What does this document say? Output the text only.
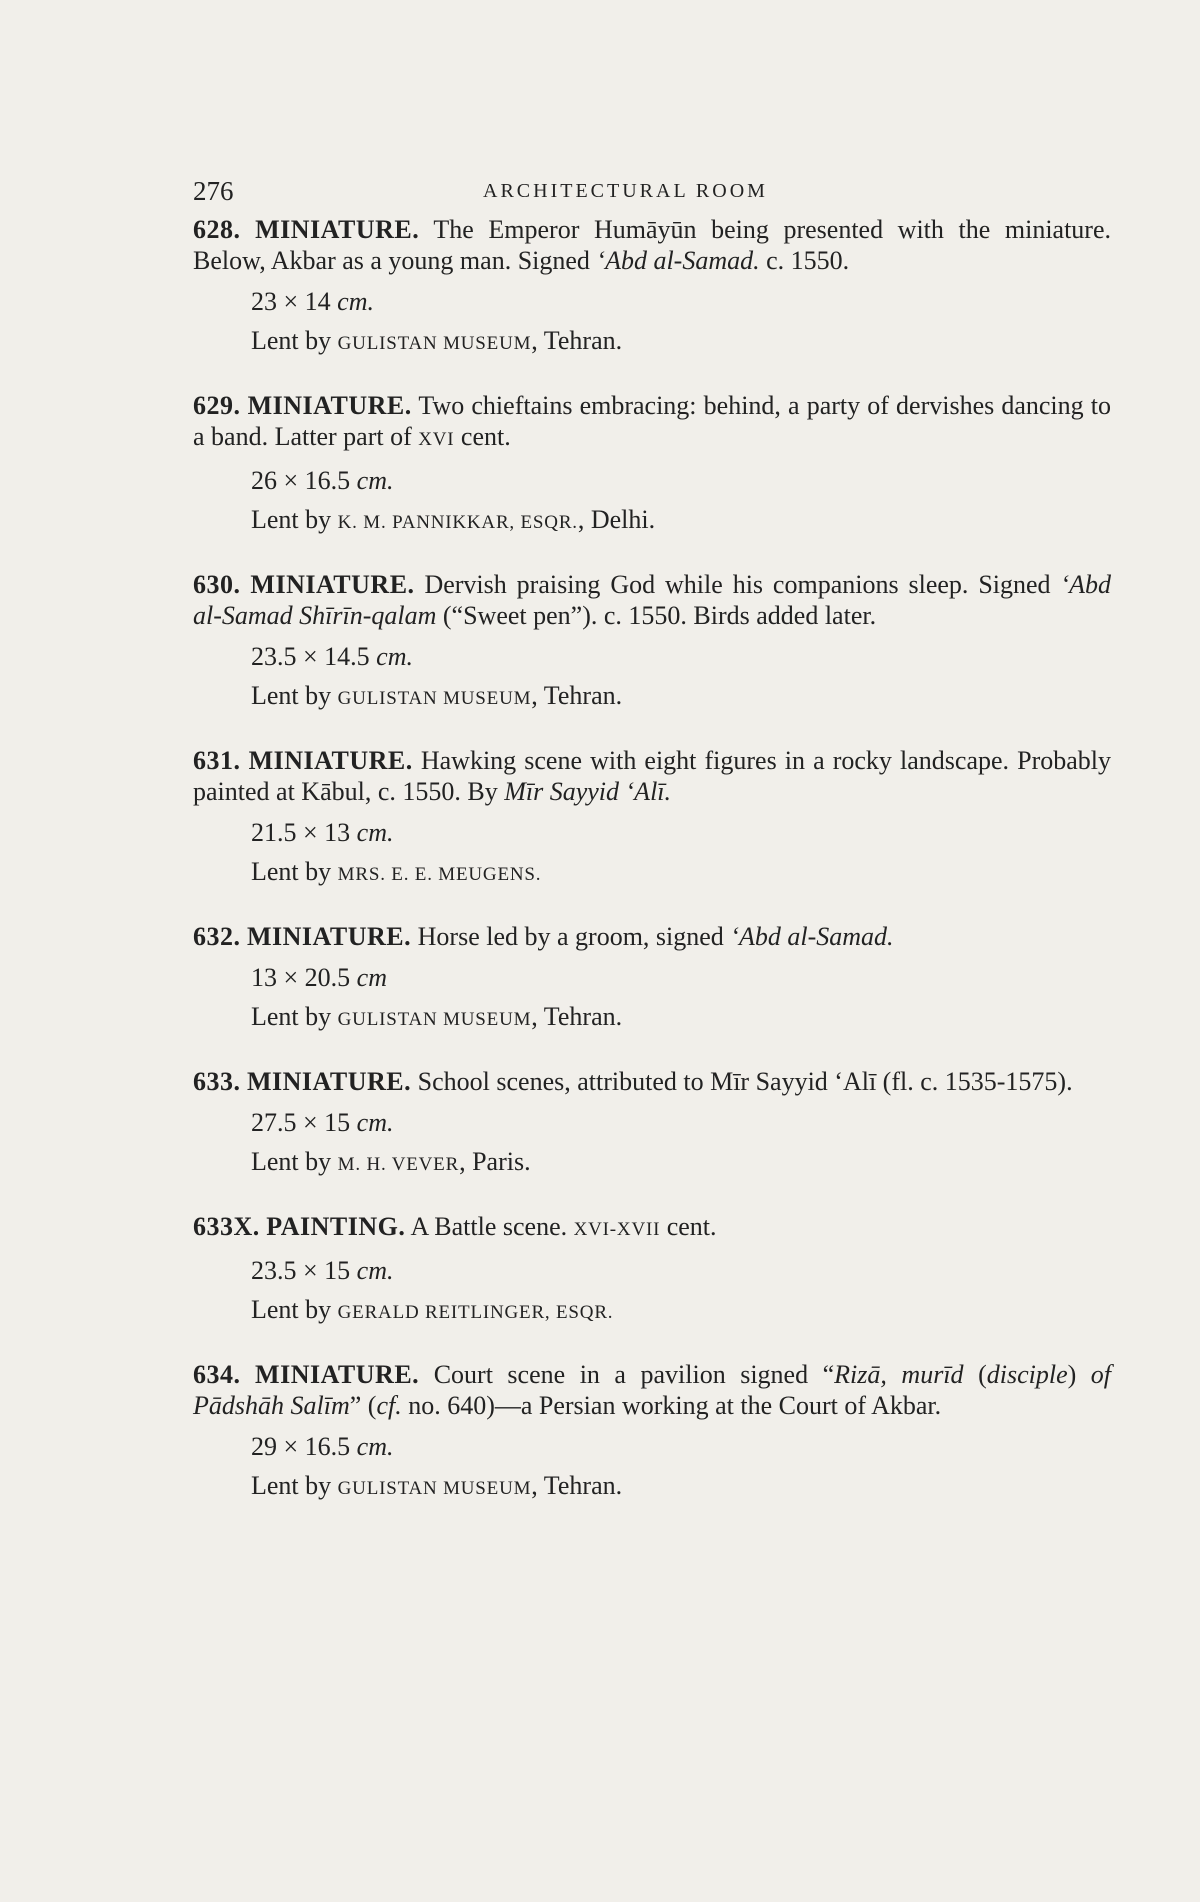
276	ARCHITECTURAL ROOM

628. MINIATURE. The Emperor Humāyūn being presented with the miniature. Below, Akbar as a young man. Signed ‘Abd al-Samad. c. 1550.

23 × 14 cm.

Lent by GULISTAN MUSEUM, Tehran.

629. MINIATURE. Two chieftains embracing: behind, a party of dervishes dancing to a band. Latter part of XVI cent.

26 × 16.5 cm.

Lent by K. M. PANNIKKAR, ESQR., Delhi.

630. MINIATURE. Dervish praising God while his companions sleep. Signed ‘Abd al-Samad Shīrīn-qalam (“Sweet pen”). c. 1550. Birds added later.

23.5 × 14.5 cm.

Lent by GULISTAN MUSEUM, Tehran.

631. MINIATURE. Hawking scene with eight figures in a rocky landscape. Probably painted at Kābul, c. 1550. By Mīr Sayyid ‘Alī.

21.5 × 13 cm.

Lent by MRS. E. E. MEUGENS.

632. MINIATURE. Horse led by a groom, signed ‘Abd al-Samad.

13 × 20.5 cm

Lent by GULISTAN MUSEUM, Tehran.

633. MINIATURE. School scenes, attributed to Mīr Sayyid ‘Alī (fl. c. 1535-1575).

27.5 × 15 cm.

Lent by M. H. VEVER, Paris.

633X. PAINTING. A Battle scene. XVI-XVII cent.

23.5 × 15 cm.

Lent by GERALD REITLINGER, ESQR.

634. MINIATURE. Court scene in a pavilion signed “Rizā, murīd (disciple) of Pādshāh Salīm” (cf. no. 640)—a Persian working at the Court of Akbar.

29 × 16.5 cm.

Lent by GULISTAN MUSEUM, Tehran.
